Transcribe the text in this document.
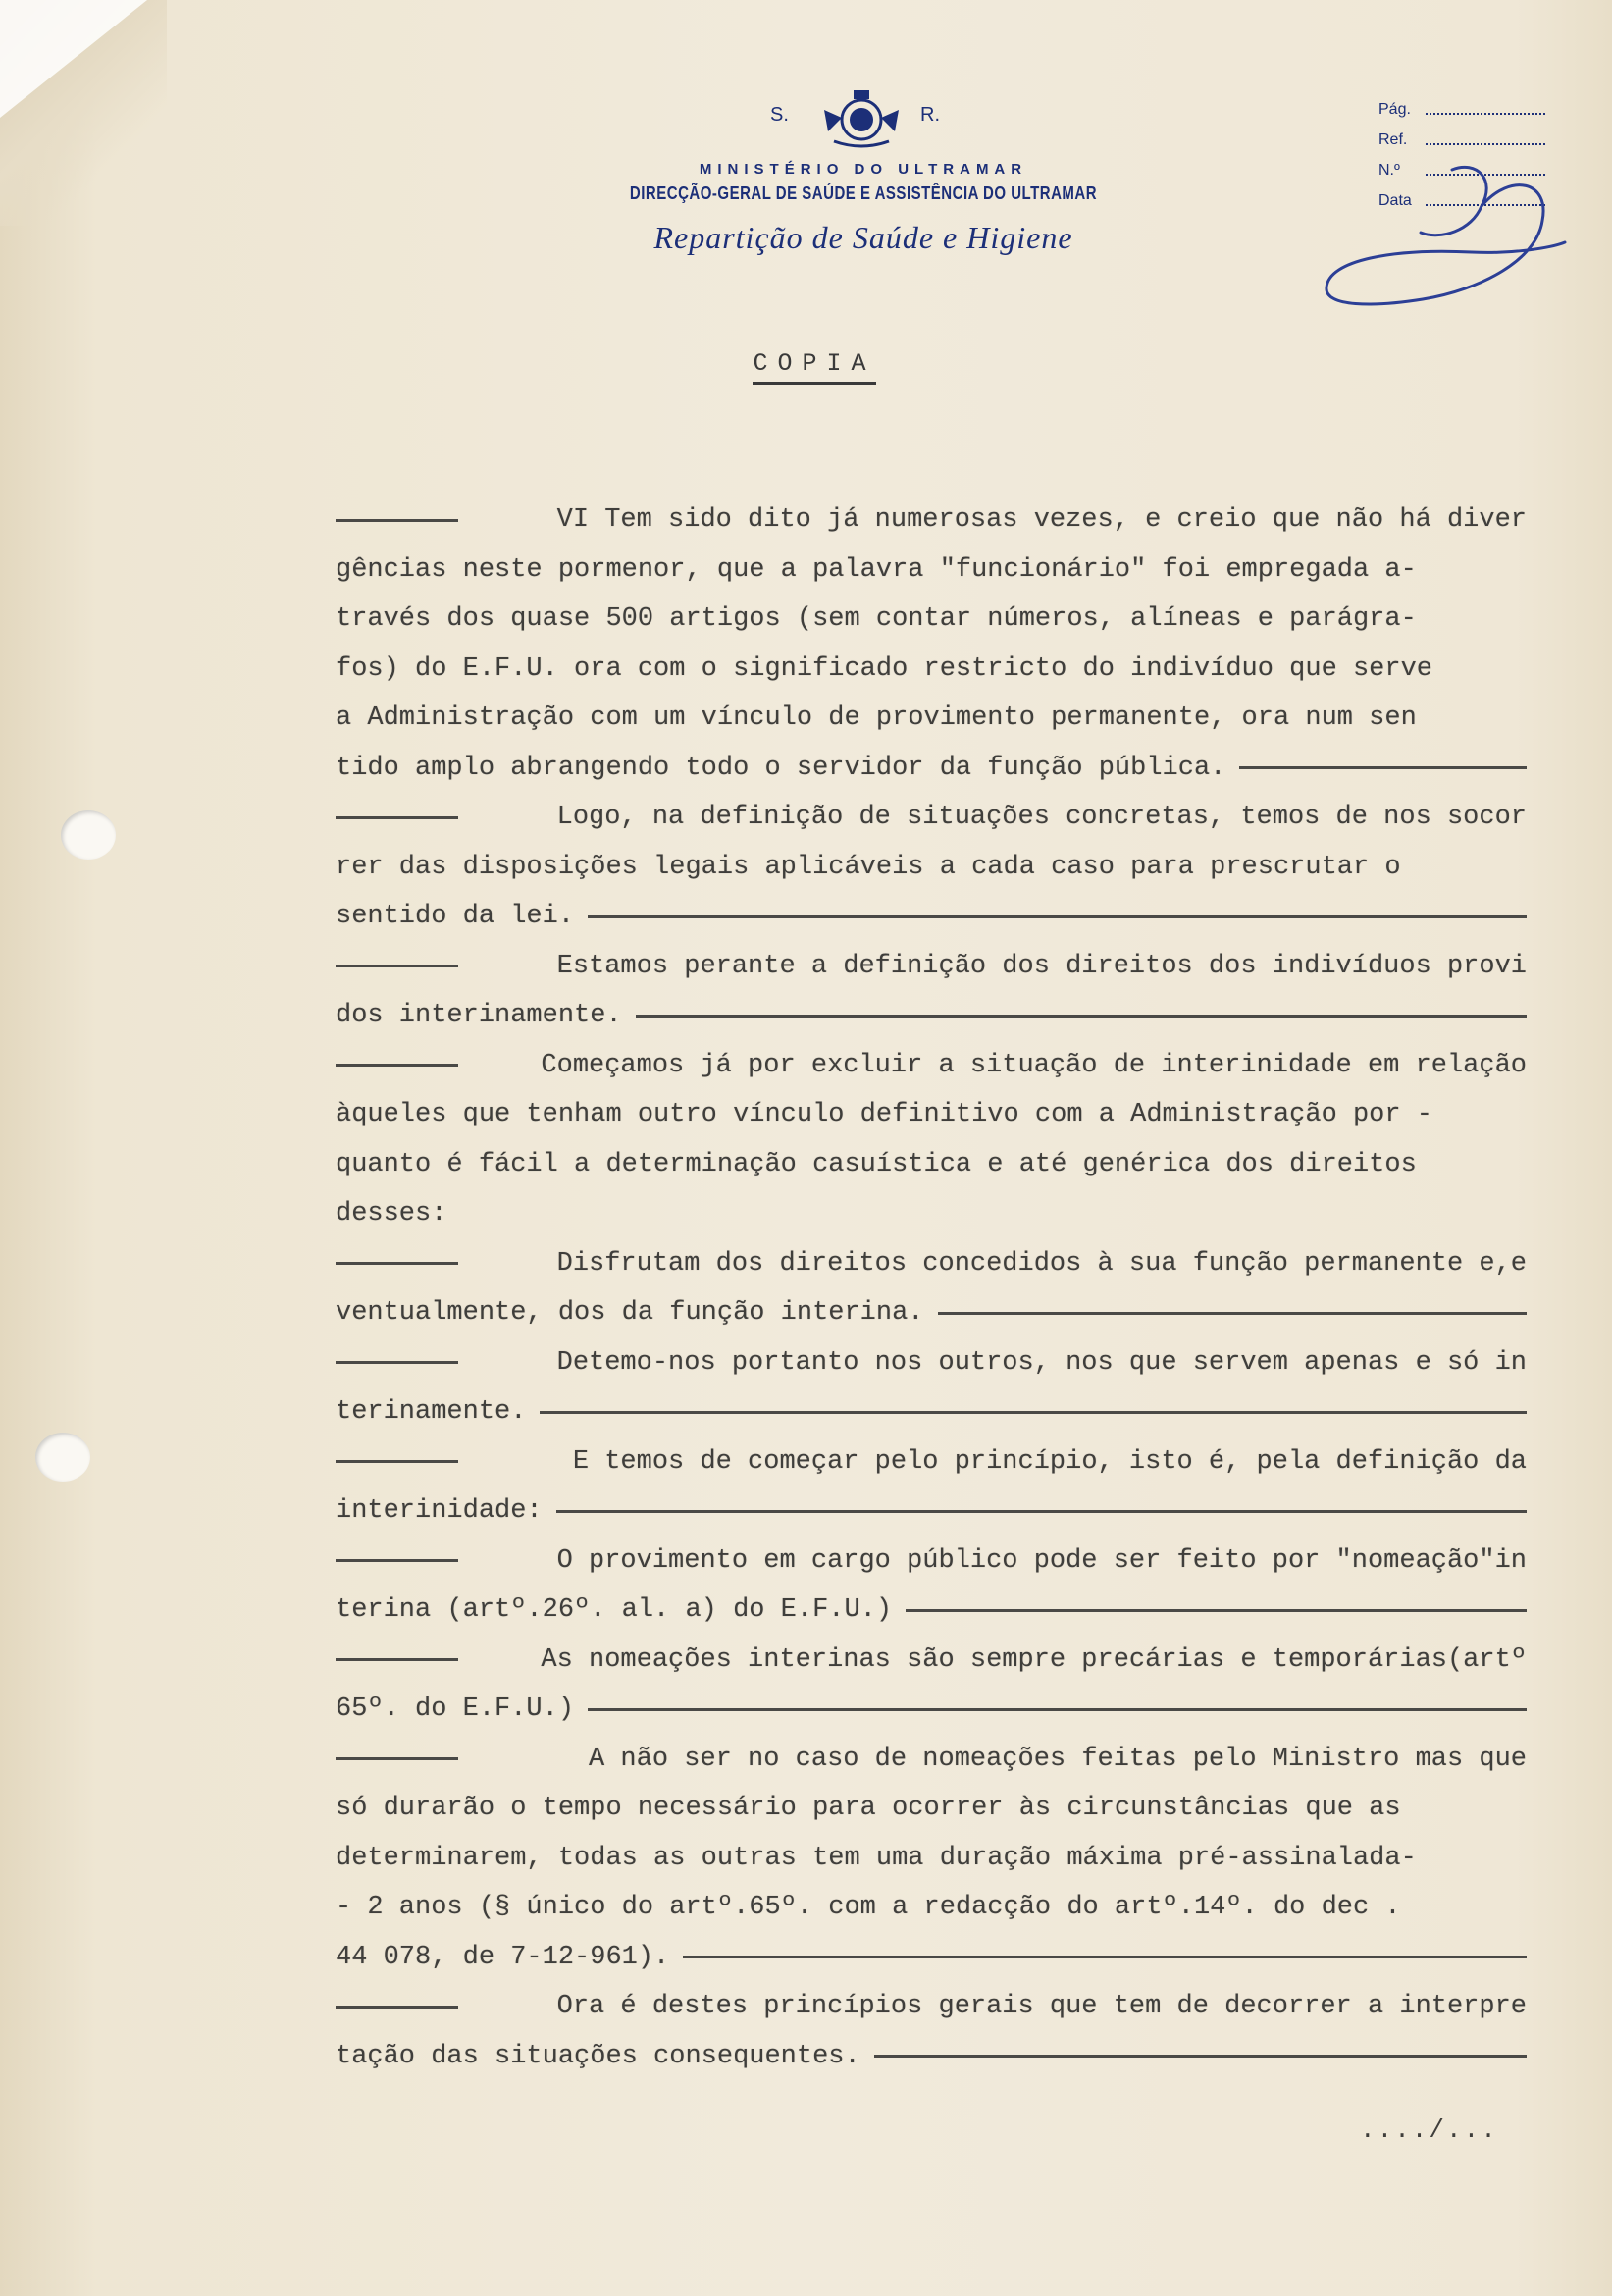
S.	R.
MINISTÉRIO DO ULTRAMAR
DIRECÇÃO-GERAL DE SAÚDE E ASSISTÊNCIA DO ULTRAMAR
Repartição de Saúde e Higiene
Pág.
Ref.
N.º
Data
COPIA
VI Tem sido dito já numerosas vezes, e creio que não há diver
gências neste pormenor, que a palavra "funcionário" foi empregada a-
través dos quase 500 artigos (sem contar números, alíneas e parágra-
fos) do E.F.U. ora com o significado restricto do indivíduo que serve
a Administração com um vínculo de provimento permanente, ora num sen
tido amplo abrangendo todo o servidor da função pública.
Logo, na definição de situações concretas, temos de nos socor
rer das disposições legais aplicáveis a cada caso para prescrutar o
sentido da lei.
Estamos perante a definição dos direitos dos indivíduos provi
dos interinamente.
Começamos já por excluir a situação de interinidade em relação
àqueles que tenham outro vínculo definitivo com a Administração por -
quanto é fácil a determinação casuística e até genérica dos direitos
desses:
Disfrutam dos direitos concedidos à sua função permanente e,e
ventualmente, dos da função interina.
Detemo-nos portanto nos outros, nos que servem apenas e só in
terinamente.
E temos de começar pelo princípio, isto é, pela definição da
interinidade:
O provimento em cargo público pode ser feito por "nomeação"in
terina (artº.26º. al. a) do E.F.U.)
As nomeações interinas são sempre precárias e temporárias(artº
65º. do E.F.U.)
A não ser no caso de nomeações feitas pelo Ministro mas que
só durarão o tempo necessário para ocorrer às circunstâncias que as
determinarem, todas as outras tem uma duração máxima pré-assinalada-
- 2 anos (§ único do artº.65º. com a redacção do artº.14º. do dec .
44 078, de 7-12-961).
Ora é destes princípios gerais que tem de decorrer a interpre
tação das situações consequentes.
..../...
